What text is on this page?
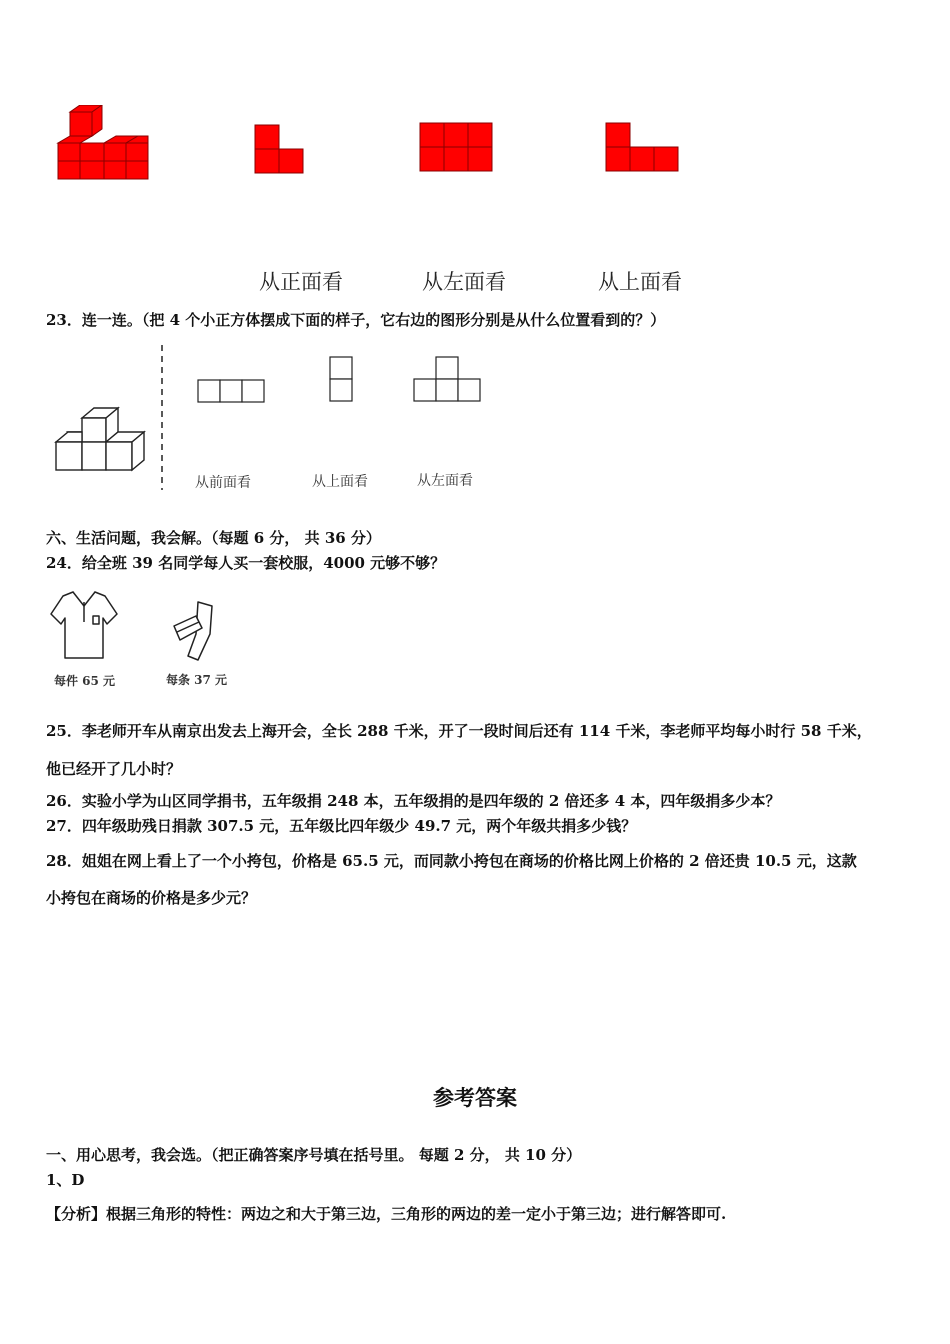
从正面看	从左面看	从上面看
23．连一连。（把 4 个小正方体摆成下面的样子，它右边的图形分别是从什么位置看到的？）
从前面看	从上面看	从左面看
六、生活问题，我会解。（每题 6 分， 共 36 分）
24．给全班 39 名同学每人买一套校服，4000 元够不够？
每件 65 元	每条 37 元
25．李老师开车从南京出发去上海开会，全长 288 千米，开了一段时间后还有 114 千米，李老师平均每小时行 58 千米，
他已经开了几小时？
26．实验小学为山区同学捐书，五年级捐 248 本，五年级捐的是四年级的 2 倍还多 4 本，四年级捐多少本？
27．四年级助残日捐款 307.5 元，五年级比四年级少 49.7 元，两个年级共捐多少钱？
28．姐姐在网上看上了一个小挎包，价格是 65.5 元，而同款小挎包在商场的价格比网上价格的 2 倍还贵 10.5 元，这款
小挎包在商场的价格是多少元？
参考答案
一、用心思考，我会选。（把正确答案序号填在括号里。 每题 2 分， 共 10 分）
1、D
【分析】根据三角形的特性：两边之和大于第三边，三角形的两边的差一定小于第三边；进行解答即可.
